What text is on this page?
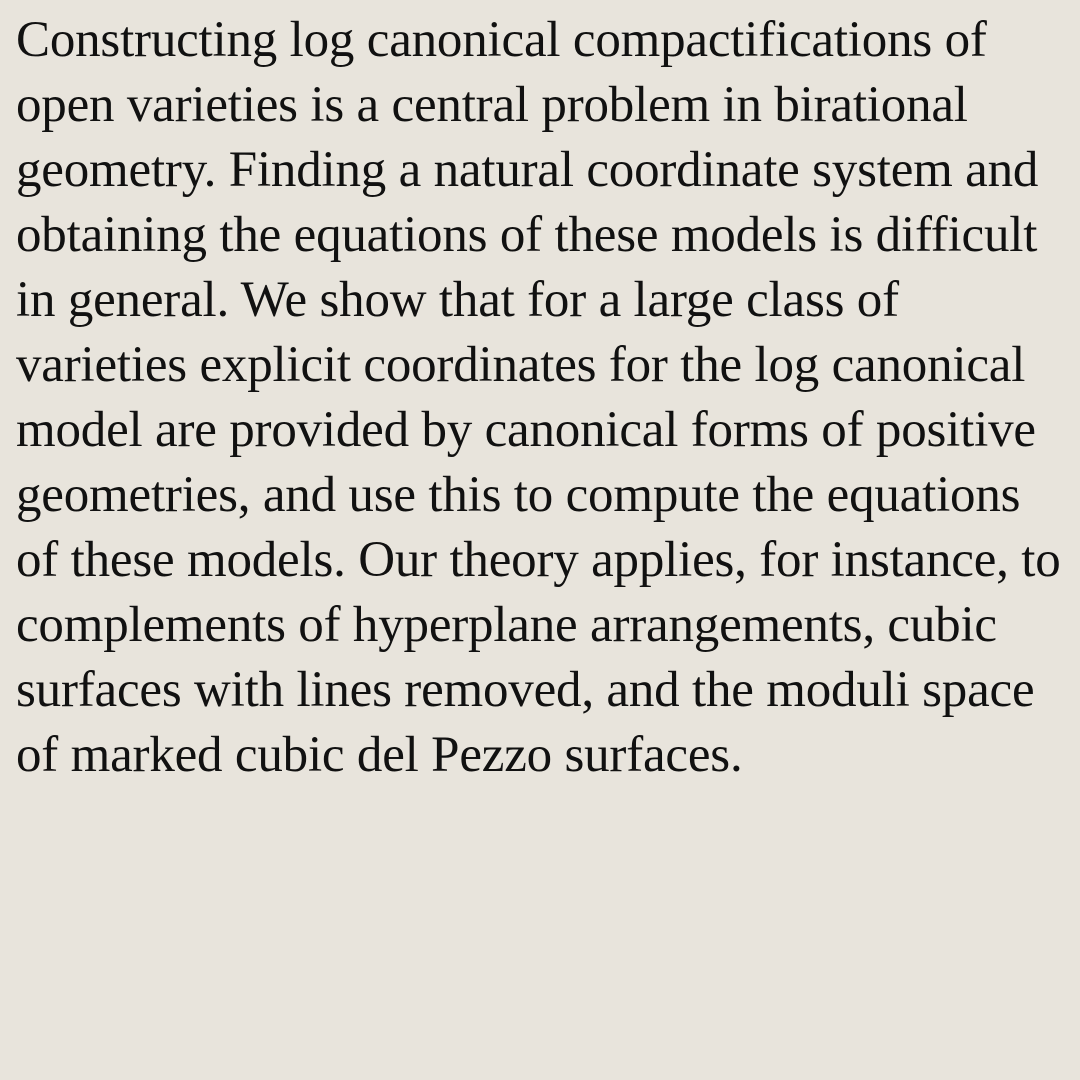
Constructing log canonical compactifications of open varieties is a central problem in birational geometry. Finding a natural coordinate system and obtaining the equations of these models is difficult in general. We show that for a large class of varieties explicit coordinates for the log canonical model are provided by canonical forms of positive geometries, and use this to compute the equations of these models. Our theory applies, for instance, to complements of hyperplane arrangements, cubic surfaces with lines removed, and the moduli space of marked cubic del Pezzo surfaces.
